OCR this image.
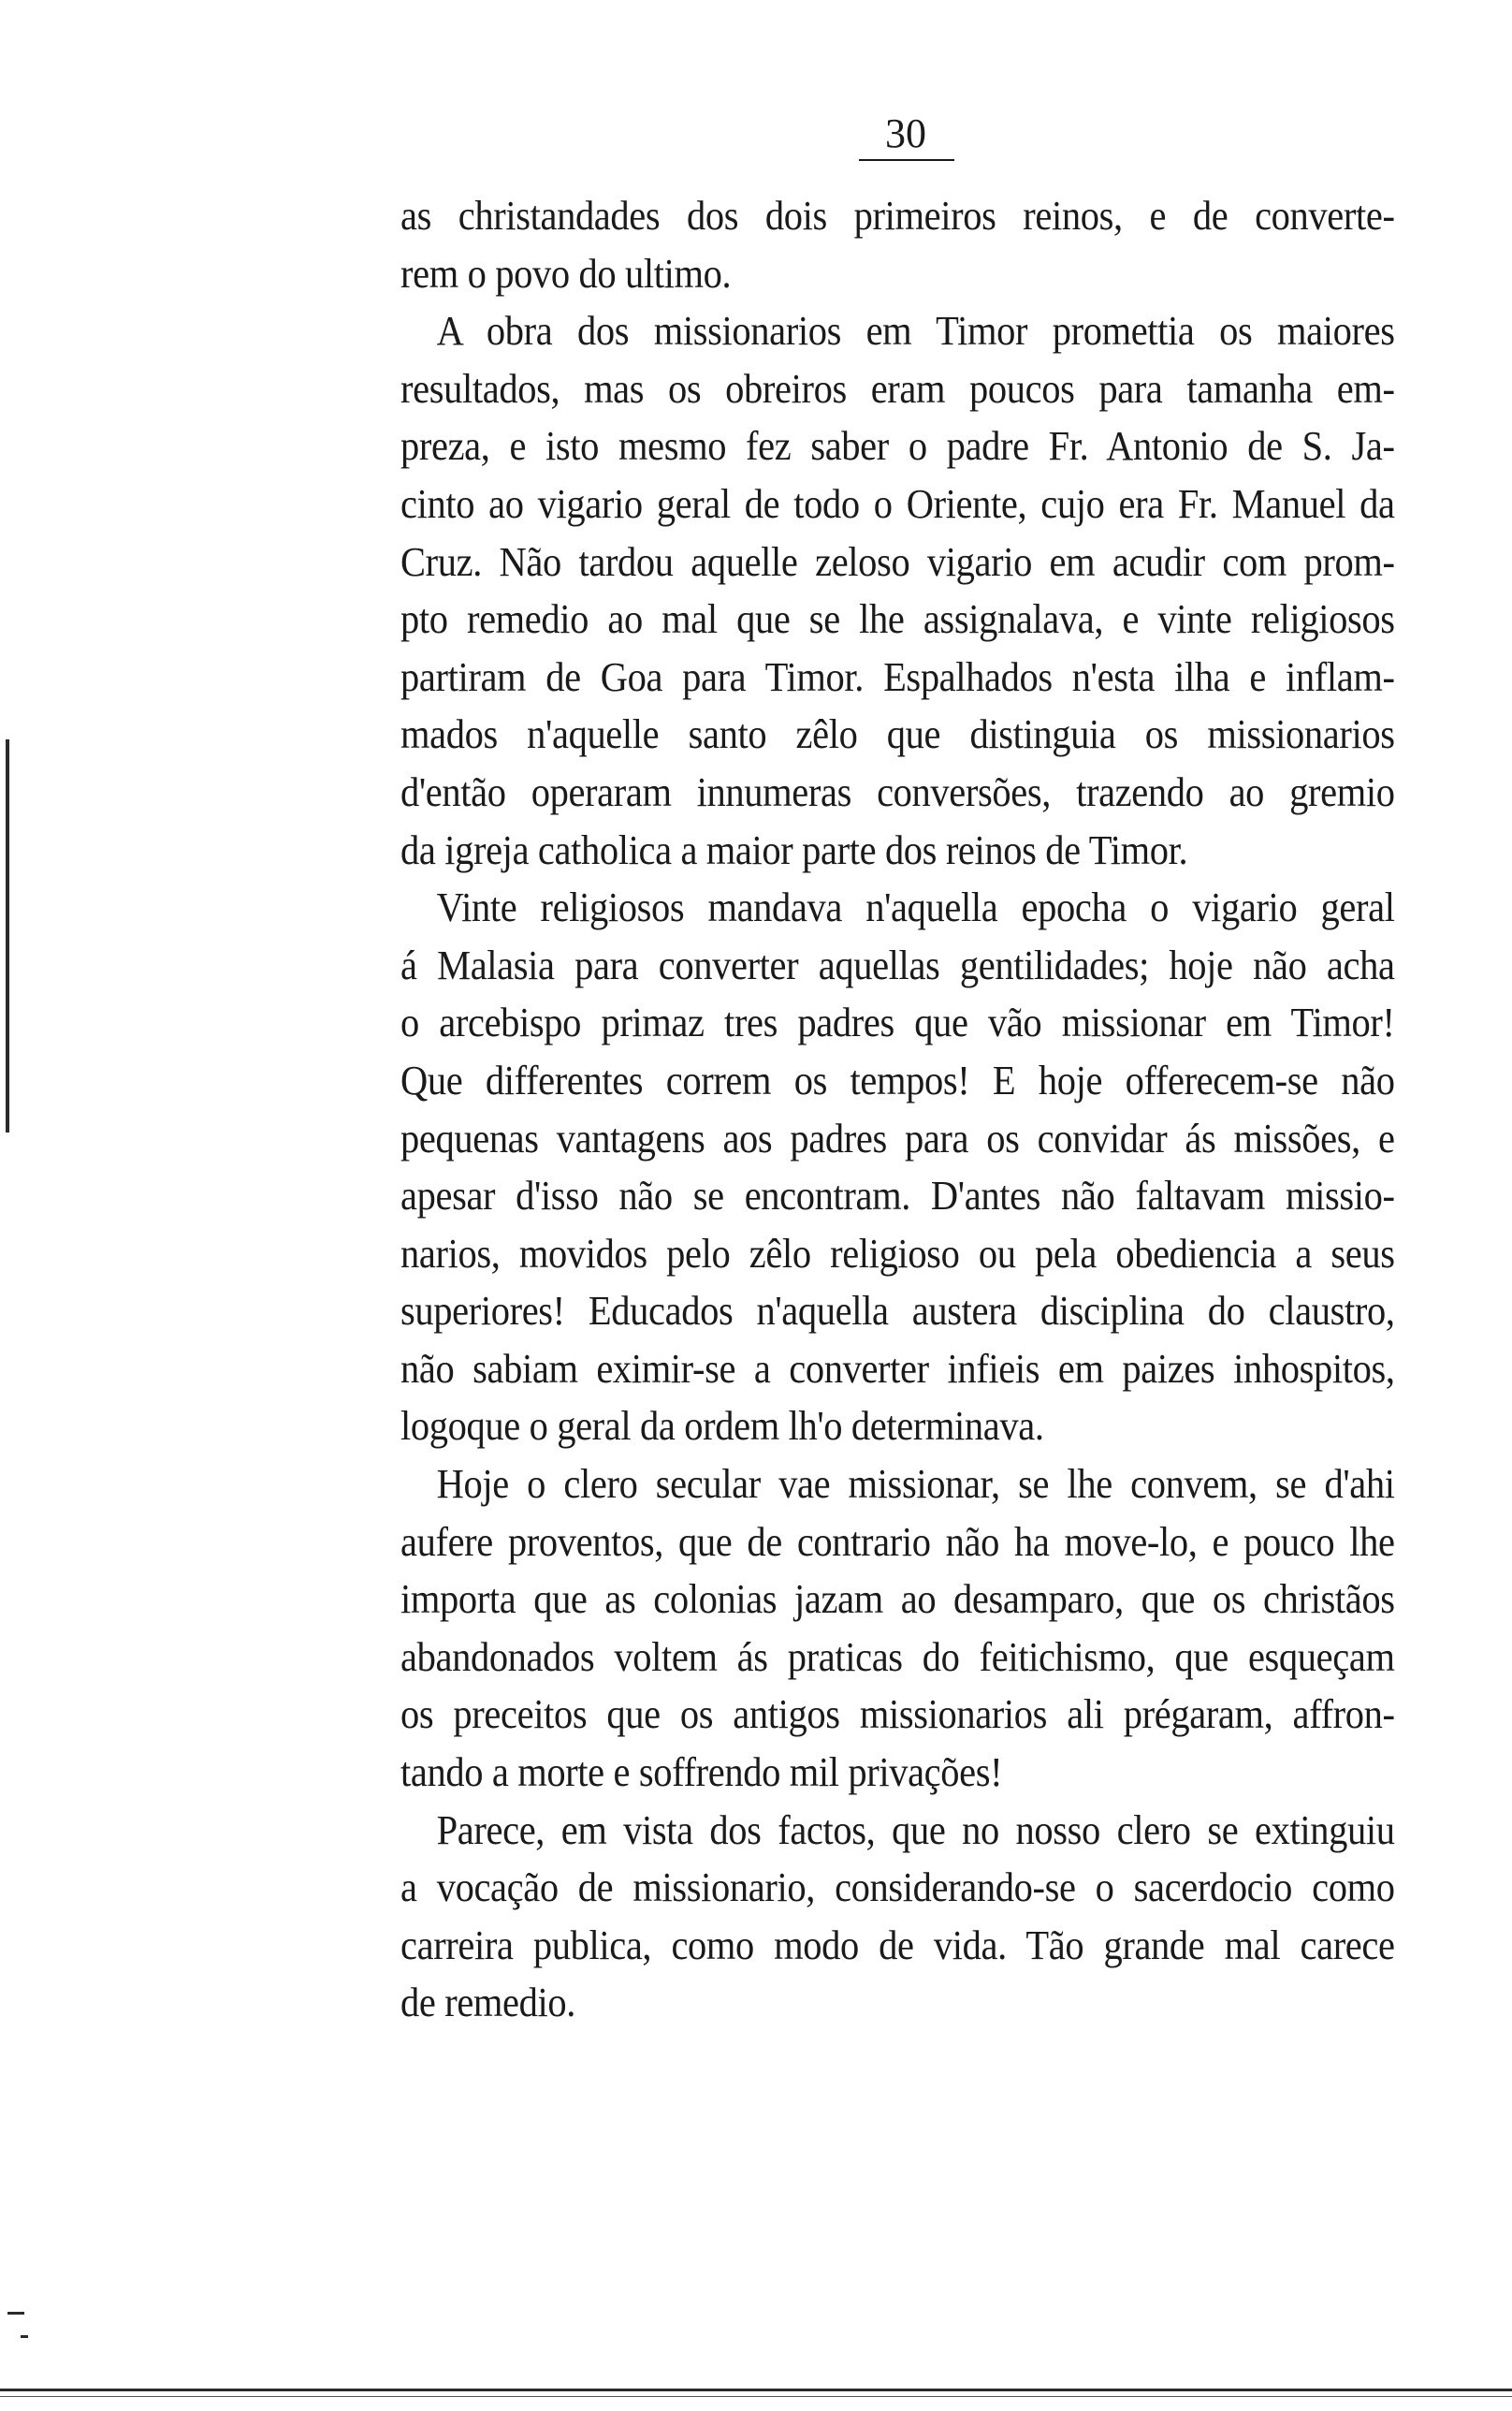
30
as christandades dos dois primeiros reinos, e de converte-
rem o povo do ultimo.
A obra dos missionarios em Timor promettia os maiores
resultados, mas os obreiros eram poucos para tamanha em-
preza, e isto mesmo fez saber o padre Fr. Antonio de S. Ja-
cinto ao vigario geral de todo o Oriente, cujo era Fr. Manuel da
Cruz. Não tardou aquelle zeloso vigario em acudir com prom-
pto remedio ao mal que se lhe assignalava, e vinte religiosos
partiram de Goa para Timor. Espalhados n'esta ilha e inflam-
mados n'aquelle santo zêlo que distinguia os missionarios
d'então operaram innumeras conversões, trazendo ao gremio
da igreja catholica a maior parte dos reinos de Timor.
Vinte religiosos mandava n'aquella epocha o vigario geral
á Malasia para converter aquellas gentilidades; hoje não acha
o arcebispo primaz tres padres que vão missionar em Timor!
Que differentes correm os tempos! E hoje offerecem-se não
pequenas vantagens aos padres para os convidar ás missões, e
apesar d'isso não se encontram. D'antes não faltavam missio-
narios, movidos pelo zêlo religioso ou pela obediencia a seus
superiores! Educados n'aquella austera disciplina do claustro,
não sabiam eximir-se a converter infieis em paizes inhospitos,
logoque o geral da ordem lh'o determinava.
Hoje o clero secular vae missionar, se lhe convem, se d'ahi
aufere proventos, que de contrario não ha move-lo, e pouco lhe
importa que as colonias jazam ao desamparo, que os christãos
abandonados voltem ás praticas do feitichismo, que esqueçam
os preceitos que os antigos missionarios ali prégaram, affron-
tando a morte e soffrendo mil privações!
Parece, em vista dos factos, que no nosso clero se extinguiu
a vocação de missionario, considerando-se o sacerdocio como
carreira publica, como modo de vida. Tão grande mal carece
de remedio.
